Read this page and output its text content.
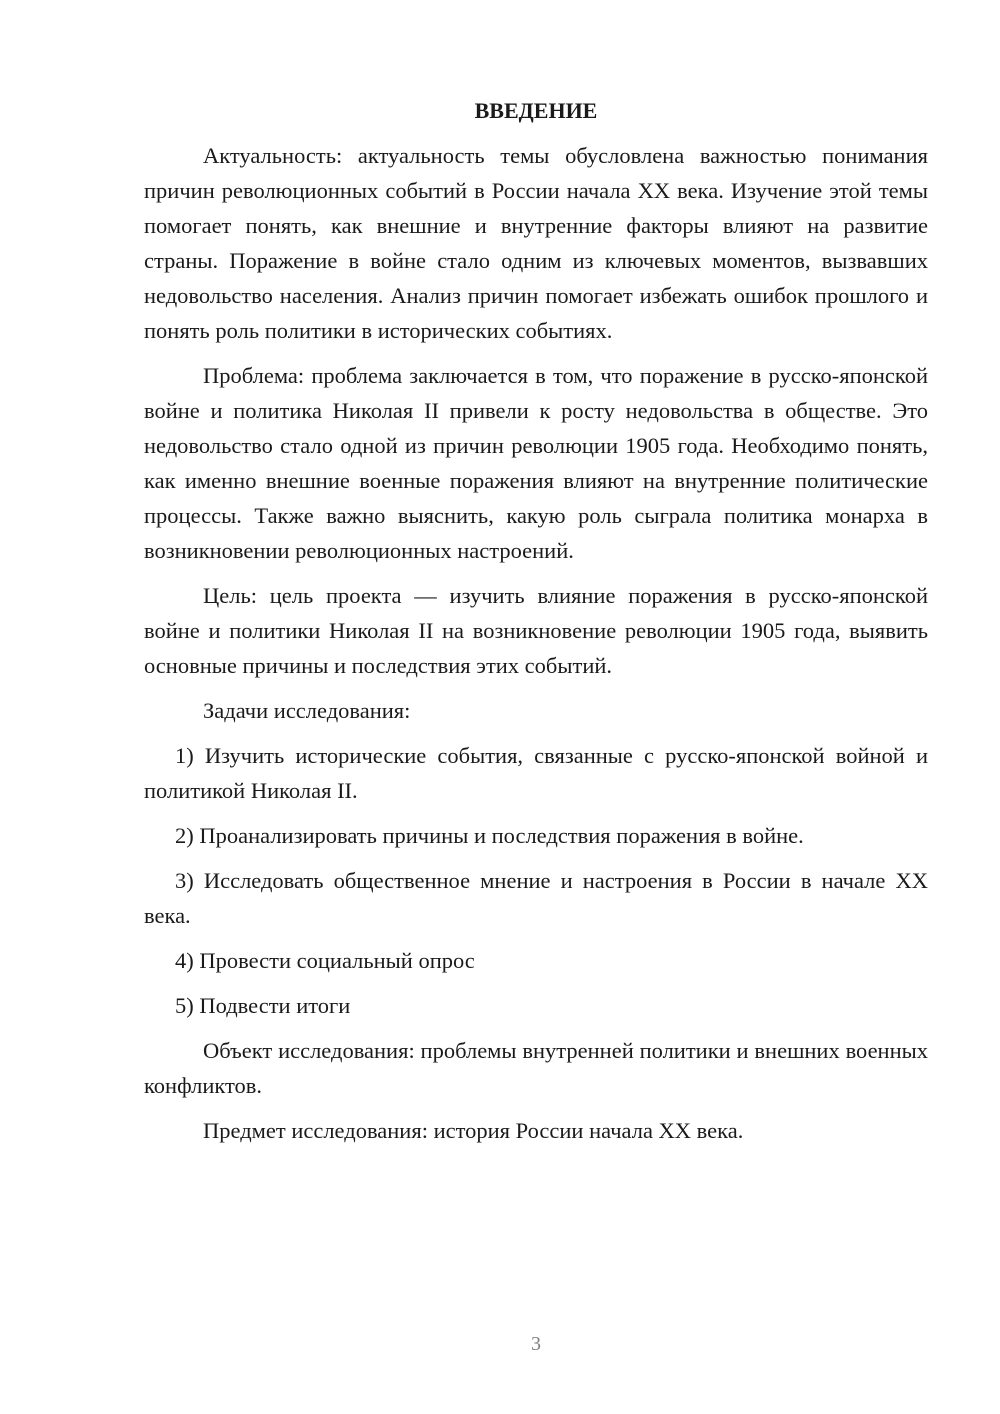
ВВЕДЕНИЕ

Актуальность: актуальность темы обусловлена важностью понимания причин революционных событий в России начала XX века. Изучение этой темы помогает понять, как внешние и внутренние факторы влияют на развитие страны. Поражение в войне стало одним из ключевых моментов, вызвавших недовольство населения. Анализ причин помогает избежать ошибок прошлого и понять роль политики в исторических событиях.

Проблема: проблема заключается в том, что поражение в русско-японской войне и политика Николая II привели к росту недовольства в обществе. Это недовольство стало одной из причин революции 1905 года. Необходимо понять, как именно внешние военные поражения влияют на внутренние политические процессы. Также важно выяснить, какую роль сыграла политика монарха в возникновении революционных настроений.

Цель: цель проекта — изучить влияние поражения в русско-японской войне и политики Николая II на возникновение революции 1905 года, выявить основные причины и последствия этих событий.

Задачи исследования:

1) Изучить исторические события, связанные с русско-японской войной и политикой Николая II.

2) Проанализировать причины и последствия поражения в войне.

3) Исследовать общественное мнение и настроения в России в начале XX века.

4) Провести социальный опрос

5) Подвести итоги

Объект исследования: проблемы внутренней политики и внешних военных конфликтов.

Предмет исследования: история России начала XX века.

3
